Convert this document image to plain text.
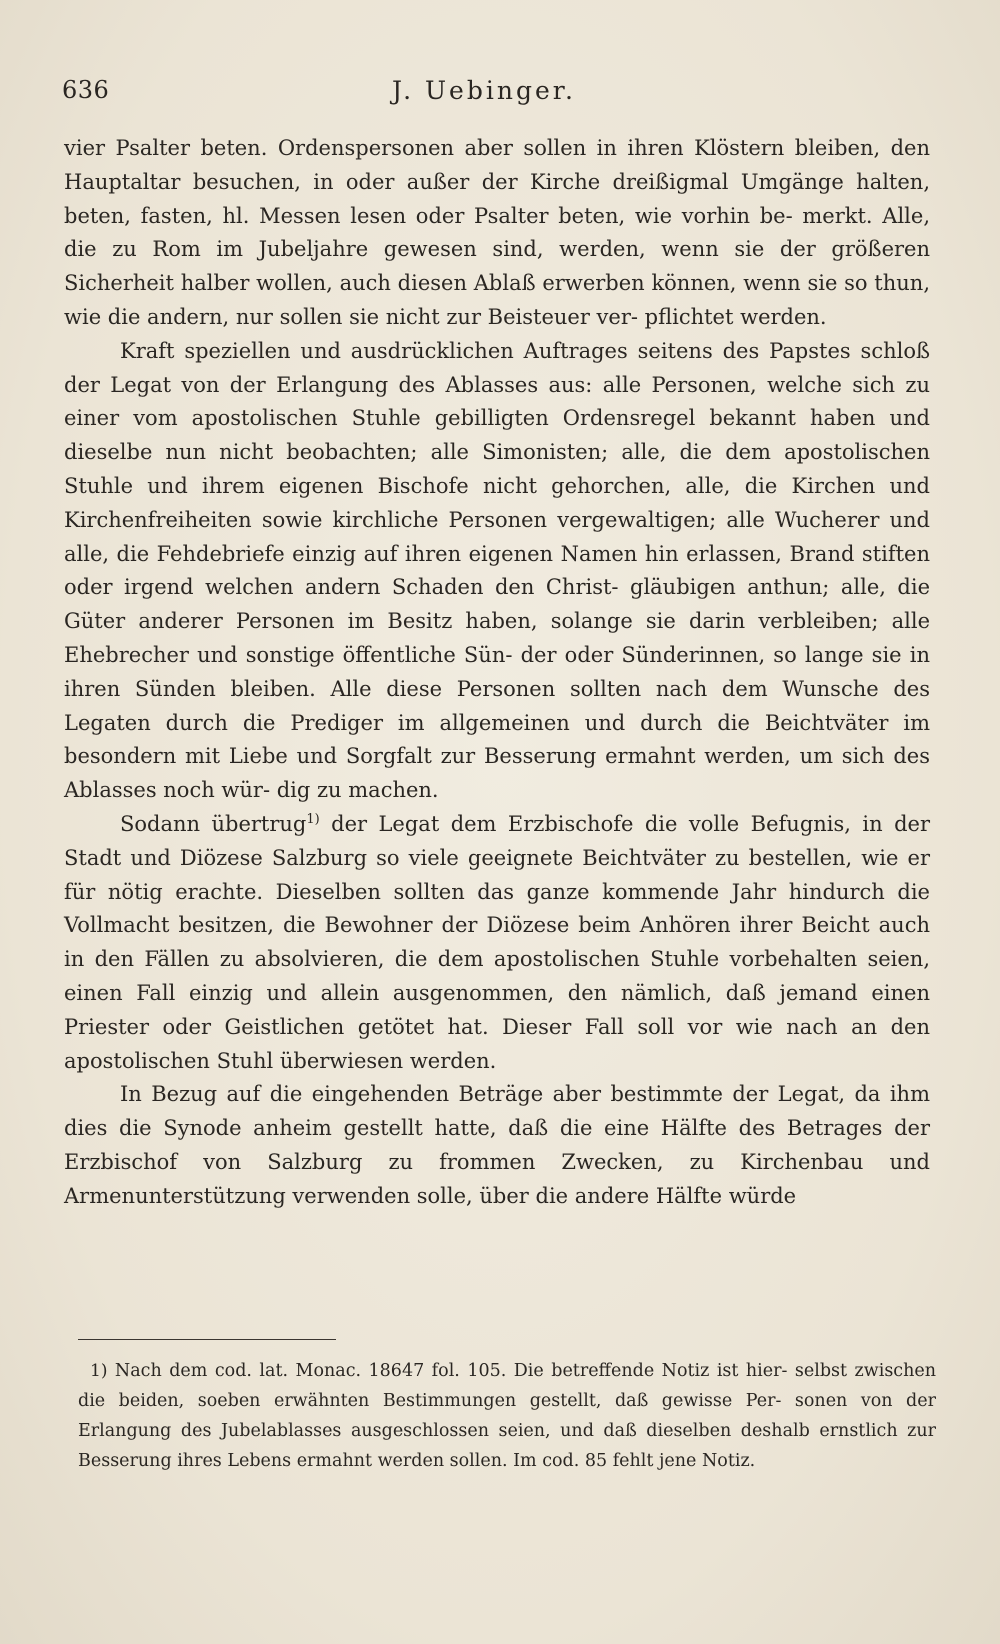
636	J. Uebinger.

vier Psalter beten. Ordenspersonen aber sollen in ihren Klöstern bleiben, den Hauptaltar besuchen, in oder außer der Kirche dreißigmal Umgänge halten, beten, fasten, hl. Messen lesen oder Psalter beten, wie vorhin be- merkt. Alle, die zu Rom im Jubeljahre gewesen sind, werden, wenn sie der größeren Sicherheit halber wollen, auch diesen Ablaß erwerben können, wenn sie so thun, wie die andern, nur sollen sie nicht zur Beisteuer ver- pflichtet werden.

Kraft speziellen und ausdrücklichen Auftrages seitens des Papstes schloß der Legat von der Erlangung des Ablasses aus: alle Personen, welche sich zu einer vom apostolischen Stuhle gebilligten Ordensregel bekannt haben und dieselbe nun nicht beobachten; alle Simonisten; alle, die dem apostolischen Stuhle und ihrem eigenen Bischofe nicht gehorchen, alle, die Kirchen und Kirchenfreiheiten sowie kirchliche Personen vergewaltigen; alle Wucherer und alle, die Fehdebriefe einzig auf ihren eigenen Namen hin erlassen, Brand stiften oder irgend welchen andern Schaden den Christ- gläubigen anthun; alle, die Güter anderer Personen im Besitz haben, solange sie darin verbleiben; alle Ehebrecher und sonstige öffentliche Sün- der oder Sünderinnen, so lange sie in ihren Sünden bleiben. Alle diese Personen sollten nach dem Wunsche des Legaten durch die Prediger im allgemeinen und durch die Beichtväter im besondern mit Liebe und Sorgfalt zur Besserung ermahnt werden, um sich des Ablasses noch wür- dig zu machen.

Sodann übertrug$^{1)}$ der Legat dem Erzbischofe die volle Befugnis, in der Stadt und Diözese Salzburg so viele geeignete Beichtväter zu bestellen, wie er für nötig erachte. Dieselben sollten das ganze kommende Jahr hindurch die Vollmacht besitzen, die Bewohner der Diözese beim Anhören ihrer Beicht auch in den Fällen zu absolvieren, die dem apostolischen Stuhle vorbehalten seien, einen Fall einzig und allein ausgenommen, den nämlich, daß jemand einen Priester oder Geistlichen getötet hat. Dieser Fall soll vor wie nach an den apostolischen Stuhl überwiesen werden.

In Bezug auf die eingehenden Beträge aber bestimmte der Legat, da ihm dies die Synode anheim gestellt hatte, daß die eine Hälfte des Betrages der Erzbischof von Salzburg zu frommen Zwecken, zu Kirchenbau und Armenunterstützung verwenden solle, über die andere Hälfte würde

1) Nach dem cod. lat. Monac. 18647 fol. 105. Die betreffende Notiz ist hier- selbst zwischen die beiden, soeben erwähnten Bestimmungen gestellt, daß gewisse Per- sonen von der Erlangung des Jubelablasses ausgeschlossen seien, und daß dieselben deshalb ernstlich zur Besserung ihres Lebens ermahnt werden sollen. Im cod. 85 fehlt jene Notiz.
